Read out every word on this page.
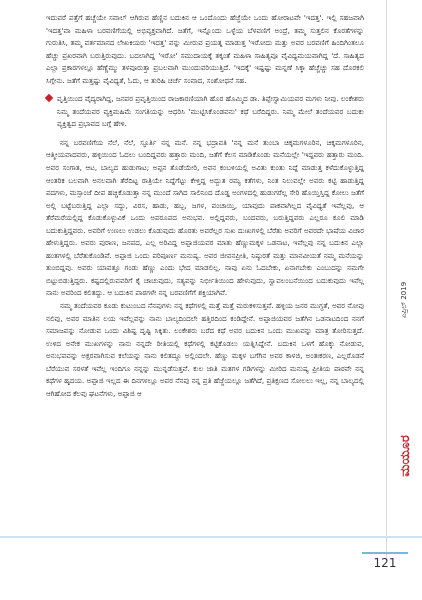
ಇದುವರೆ ಪತ್ತೆಗೆ ಹಚ್ಚೆಯೇ ಸವಾಲ್ ಆಗಿರುವ ಹೆಣ್ಣಿನ ಬದುಕಿನ ಆ ಒಂದೊಂದು ಹೆಜ್ಜೆಯೇ ಒಂದು ಹೋರಾಟವೇ 'ಇದತ್ತ'. ಇಲ್ಲಿ ಸಹಜವಾಗಿ 'ಇದತ್ತ'ವಾ ಮಹಿಳಾ ಬರವಣಿಗೆಯಲ್ಲಿ ಅಭಿವ್ಯಕ್ತವಾಗಿದೆ. ಜತೆಗೆ, ಇನ್ನೊಂದು ಒಳ್ಳೆಯ ಬೆಳವಣಿಗೆ ಅಂದ್ರೆ, ತಮ್ಮ ಸುತ್ತಲಿನ ಕೊರತೆಗಳನ್ನು ಗುರುತಿಸಿ, ತಮ್ಮ ವರ್ತಮಾನದ ಲೇಖಕಿಯರು 'ಇದತ್ತ' ವನ್ನು ಮೀರುವ ಪ್ರಯತ್ನ ಮಾಡುತ್ತ 'ಇರೋದು ಮತ್ತು ಅವರ ಬರವಣಿಗೆ ಹಿಂದಿಗಿಂತಲೂ ಹೆಚ್ಚು ಪ್ರಖರವಾಗಿ ಬರುತ್ತಿರುವುದು. ಬದಲಾಗಿದ್ದ 'ಇರೋ' ಸಮುದಾಯಕ್ಕೆ ತಕ್ಕಂತೆ ಮಹಿಳಾ ಸಾಹಿತ್ಯವೂ ವೈವಿಧ್ಯಮಯವಾಗಿದ್ದ 'ದೆ. ಸಾಹಿತ್ಯದ ಎಲ್ಲಾ ಪ್ರಕಾರಗಳಲ್ಲೂ ಹೆಣ್ಣೆಮ್ಮು ತಳವೂರುತ್ತಾ ಪ್ರಬಲವಾಗಿ ಮುಂದುವರಿಯುತ್ತಿದೆ. 'ಇದಕ್ಕೆ' ಇಷ್ಟಷ್ಟು ಮನ್ನಣೆ ಸಿಕ್ಕಾ ಹೆಚ್ಚೆಚ್ಚು ಸಹ ದೊರಕಲಿ ಸಿಗ್ಗೇನು. ಜತೆಗೆ ಮತ್ತಷ್ಟು ವೈವಿಧ್ಯತೆ, ಓದು, ಆ ತುರಿಹಿ ಚರ್ಚೆ ಸಂವಾದ, ಸಂಶೋಧನೆ ಸಹ.

ವೃತ್ತಿಯಿಂದ ವೈದ್ಯರಾಗಿದ್ದ, ಜನಪರ ಪ್ರವೃತ್ತಿಯಿಂದ ರಾಜಕಾರಣಿಯಾಗಿ ಹೊರ ಹೊಮ್ಮಿದ ಡಾ. ತಿಪ್ಪೇಸ್ವಾಮಿಯವರ ಮಗಳು ನೀವು. ಲಂಕೇಶರು ನಿಮ್ಮ ತಂದೆಯವರ ವ್ಯಕ್ತಿಮಹಿಮೆ ಸಂಗತಿಯನ್ನು ಆಧರಿಸಿ 'ಮುಟ್ಟಿಸಿಕೊಂಡವನು' ಕಥೆ ಬರೆದಿದ್ದರು. ನಿಮ್ಮ ಮೇಲೆ ತಂದೆಯವರ ಬದುಕು ವ್ಯಕ್ತಿತ್ವದ ಪ್ರಭಾವದ ಬಗ್ಗೆ ಹೇಳಿ.

ನನ್ನ ಬರವಣಿಗೆಯ ನೆಲೆ, ನೆಲೆ, ಸ್ಫೂರ್ತಿ ನನ್ನ ಮನೆ. ನನ್ನ ಭದ್ರಾವತಿ 'ನನ್ನ ಮನೆ ತುಂಬಾ ಚಿಕ್ಕಮಗಳೂರಿನ, ಚಿಕ್ಕಮಗಳೂರಿನ, ಆತ್ಮೀಯವಾದವರು, ಹಳ್ಳಿಯಿಂದ ಓದಲು ಬಂದಿದ್ದವರು ಹತ್ತಾರು ಮಂದಿ, ಜತೆಗೆ ಕೆಲಸ ಮಾಡಿಕೊಂಡು ಮನೆಯಲ್ಲೇ 'ಇದ್ದವರು ಹತ್ತಾರು ಮಂದಿ. ಅವರ ಸಂಗಾತ, ಆಟ, ಬಾಲ್ಯದ ಹುಡುಗಾಟ; ಅಪ್ಪನ ತೊಡೆಯೇರಿ, ಅವನ ಕಂಬಳಿಯಲ್ಲಿ ಅವಿತು ಕುಂತು ನಿದ್ದೆ ಮಾಡುತ್ತ ಕಳೆದುಕೊಳ್ಳುತ್ತಿದ್ದ ಆಂತರಿಕ ಬಲವಾಗಿ ಅನಲವಾಗಿ ತೆರೆದಿಟ್ಟ ರಾತ್ರಿಯೇ ನಿದ್ದೆಗೆಟ್ಟು ಕೇಳ್ತಿದ್ದ ಅದ್ಭುತ ರಮ್ಯ ಕತೆಗಳು, ನಿಂತ ನಿಲುವಲ್ಲೇ ಅವರು ಕಟ್ಟಿ ಹಾಡುತ್ತಿದ್ದ ಪದಗಳು, ಮಸ್ಸಾಂಜೆ ದೀಪ ಹಚ್ಚಿಕೊಡುತ್ತಾ ನನ್ನ ಮುಂದೆ ಸಾಗಿದ ಸಾಲಿನಿಂದ ದೊಡ್ಡ ಅಂಗಳದಲ್ಲಿ ಹುಡುಗರೆಲ್ಲ ಸೇರಿ ಹೊಯ್ತಿಸ್ತಿದ್ದ ಕೋಲು ಜತೆಗೆ ಅಲ್ಲಿ ಬಟ್ಟೆಬರುತ್ತಿದ್ದ ಎಲ್ಲಾ ಸದ್ದು, ವಿರಸ, ಹಾಡು, ಹಬ್ಬ, ಜಗಳ, ಪಂಚಾಯ್ತಿ, ಯಾವುದು ಪಾಕವಾಗಿಲ್ಲದ ವೈವಿಧ್ಯತೆ ಇವೆಲ್ಲವು, ಆ ತೆರೆಮರೆಯಲ್ಲಿದ್ದ ಕೊಡುಕೊಳ್ಳುವಿಕೆ ಒಂದು ಅಪರೂಪದ ಅನುಭವ. ಅಲ್ಲಿದ್ದವರು, ಬಂದವರು, ಬರುತ್ತಿದ್ದವರು ಎಲ್ಲರೂ ಕೂಲಿ ಮಾಡಿ ಬದುಕುತ್ತಿದ್ದವರು. ಅವರಿಗೆ ಉಣಲು ಉಡಲು ಕೊಡುವುದು ಹೊರತು ಅವರೆಲ್ಲರ ಸುಖ ದುಃಖಗಳಲ್ಲಿ ಬೆರೆತು ಅವರಿಗೆ ಅವರದೇ ಭಾಷೆಯ ವಿಚಾರ ಹೇಳುತ್ತಿದ್ದರು. ಅವರು ಪುರಾಣ, ಜನಪದ, ಎಲ್ಲ ಅರಿವಿದ್ದ ಅಪ್ಪಾಜಿಯವರ ಮಾತು ಹೆಣ್ಣುಮಕ್ಕಳ ಒಡನಾಟ, ಇವೆಲ್ಲವು ನನ್ನ ಬದುಕಿನ ಎಲ್ಲಾ ಹಂತಗಳಲ್ಲಿ ಬೆರೆತುಕೊಂಡಿವೆ. ಅಪ್ಪಾಜಿ ಒಂದು ಪರಿಪೂರ್ಣ ಮನುಷ್ಯ. ಅವರ ಜೀವನಪ್ರೀತಿ, ನಿಷ್ಠುರತೆ ಮತ್ತು ಮಾನವೀಯತೆ ನಮ್ಮ ಮನೆಯನ್ನು ತುಂಬಿದ್ದವು. ಅವರು ಯಾವತ್ತೂ ಗಂಡು ಹೆಣ್ಣು ಎಂದು ಭೇದ ಮಾಡಲಿಲ್ಲ. ನಾವು ಏನು ಓದಬೇಕು, ಏನಾಗಬೇಕು ಎಂಬುದನ್ನು ನಮಗೇ ಬಿಟ್ಟುಬಿಡುತ್ತಿದ್ದರು. ಕಷ್ಟದಲ್ಲಿರುವವರಿಗೆ ಕೈ ಚಾಚುವುದು, ಸತ್ಯವನ್ನು ನಿರ್ಭೀತಿಯಿಂದ ಹೇಳುವುದು, ಸ್ವಾವಲಂಬನೆಯಿಂದ ಬದುಕುವುದು ಇವೆಲ್ಲ ನಾನು ಅವರಿಂದ ಕಲಿತದ್ದು. ಆ ಬದುಕಿನ ಪಾಠಗಳೇ ನನ್ನ ಬರವಣಿಗೆಗೆ ಶಕ್ತಿಯಾಗಿವೆ.

ನಮ್ಮ ತಂದೆಯವರ ಕೂಡು ಕುಟುಂಬದ ನೆನಪುಗಳು ನನ್ನ ಕಥೆಗಳಲ್ಲಿ ಮತ್ತೆ ಮತ್ತೆ ಮರುಕಳಿಸುತ್ತವೆ. ಹಳ್ಳಿಯ ಜನರ ಮುಗ್ಧತೆ, ಅವರ ನೋವು ನಲಿವು, ಅವರ ಮಾತಿನ ಲಯ ಇವೆಲ್ಲವನ್ನು ನಾನು ಬಾಲ್ಯದಿಂದಲೇ ಹತ್ತಿರದಿಂದ ಕಂಡಿದ್ದೇನೆ. ಅಪ್ಪಾಜಿಯವರ ಜತೆಗಿನ ಒಡನಾಟದಿಂದ ನನಗೆ ಸಮಾಜವನ್ನು ನೋಡುವ ಒಂದು ವಿಶಿಷ್ಟ ದೃಷ್ಟಿ ಸಿಕ್ಕಿತು. ಲಂಕೇಶರು ಬರೆದ ಕಥೆ ಅವರ ಬದುಕಿನ ಒಂದು ಮುಖವನ್ನು ಮಾತ್ರ ತೋರಿಸುತ್ತದೆ. ಉಳಿದ ಅನೇಕ ಮುಖಗಳನ್ನು ನಾನು ನನ್ನದೇ ರೀತಿಯಲ್ಲಿ ಕಥೆಗಳಲ್ಲಿ ಕಟ್ಟಿಕೊಡಲು ಯತ್ನಿಸಿದ್ದೇನೆ. ಬದುಕಿನ ಒಳಗೆ ಹೊಕ್ಕು ನೋಡುವ, ಅನುಭವವನ್ನು ಅಕ್ಷರವಾಗಿಸುವ ಕಲೆಯನ್ನು ನಾನು ಕಲಿತದ್ದೂ ಅಲ್ಲಿಂದಲೇ. ಹೆಣ್ಣು ಮಕ್ಕಳ ಬಗೆಗಿನ ಅವರ ಕಾಳಜಿ, ಅಂತಃಕರಣ, ಎಲ್ಲರೊಡನೆ ಬೆರೆಯುವ ಸರಳತೆ ಇವೆಲ್ಲ ಇಂದಿಗೂ ನನ್ನನ್ನು ಮುನ್ನಡೆಸುತ್ತವೆ. ಕುಲ ಜಾತಿ ಮತಗಳ ಗಡಿಗಳನ್ನು ಮೀರಿದ ಮನುಷ್ಯ ಪ್ರೀತಿಯ ಪಾಠವೇ ನನ್ನ ಕಥೆಗಳ ಹೃದಯ. ಅಪ್ಪಾಜಿ ಇಲ್ಲದ ಈ ದಿನಗಳಲ್ಲೂ ಅವರ ನೆನಪು ನನ್ನ ಪ್ರತಿ ಹೆಜ್ಜೆಯಲ್ಲೂ ಜತೆಗಿದೆ, ಪ್ರತಿಕ್ಷಣದ ಸೋಲಲು ಇಲ್ಲ, ನನ್ನ ಬಾಲ್ಯದಲ್ಲಿ ಆಗಿಹೋದ ಕೆಲವು ಘಟನೆಗಳು, ಅಪ್ಪಾಜಿ ಆ

ಏಪ್ರಿಲ್ 2019
ಮಯೂರ
121
